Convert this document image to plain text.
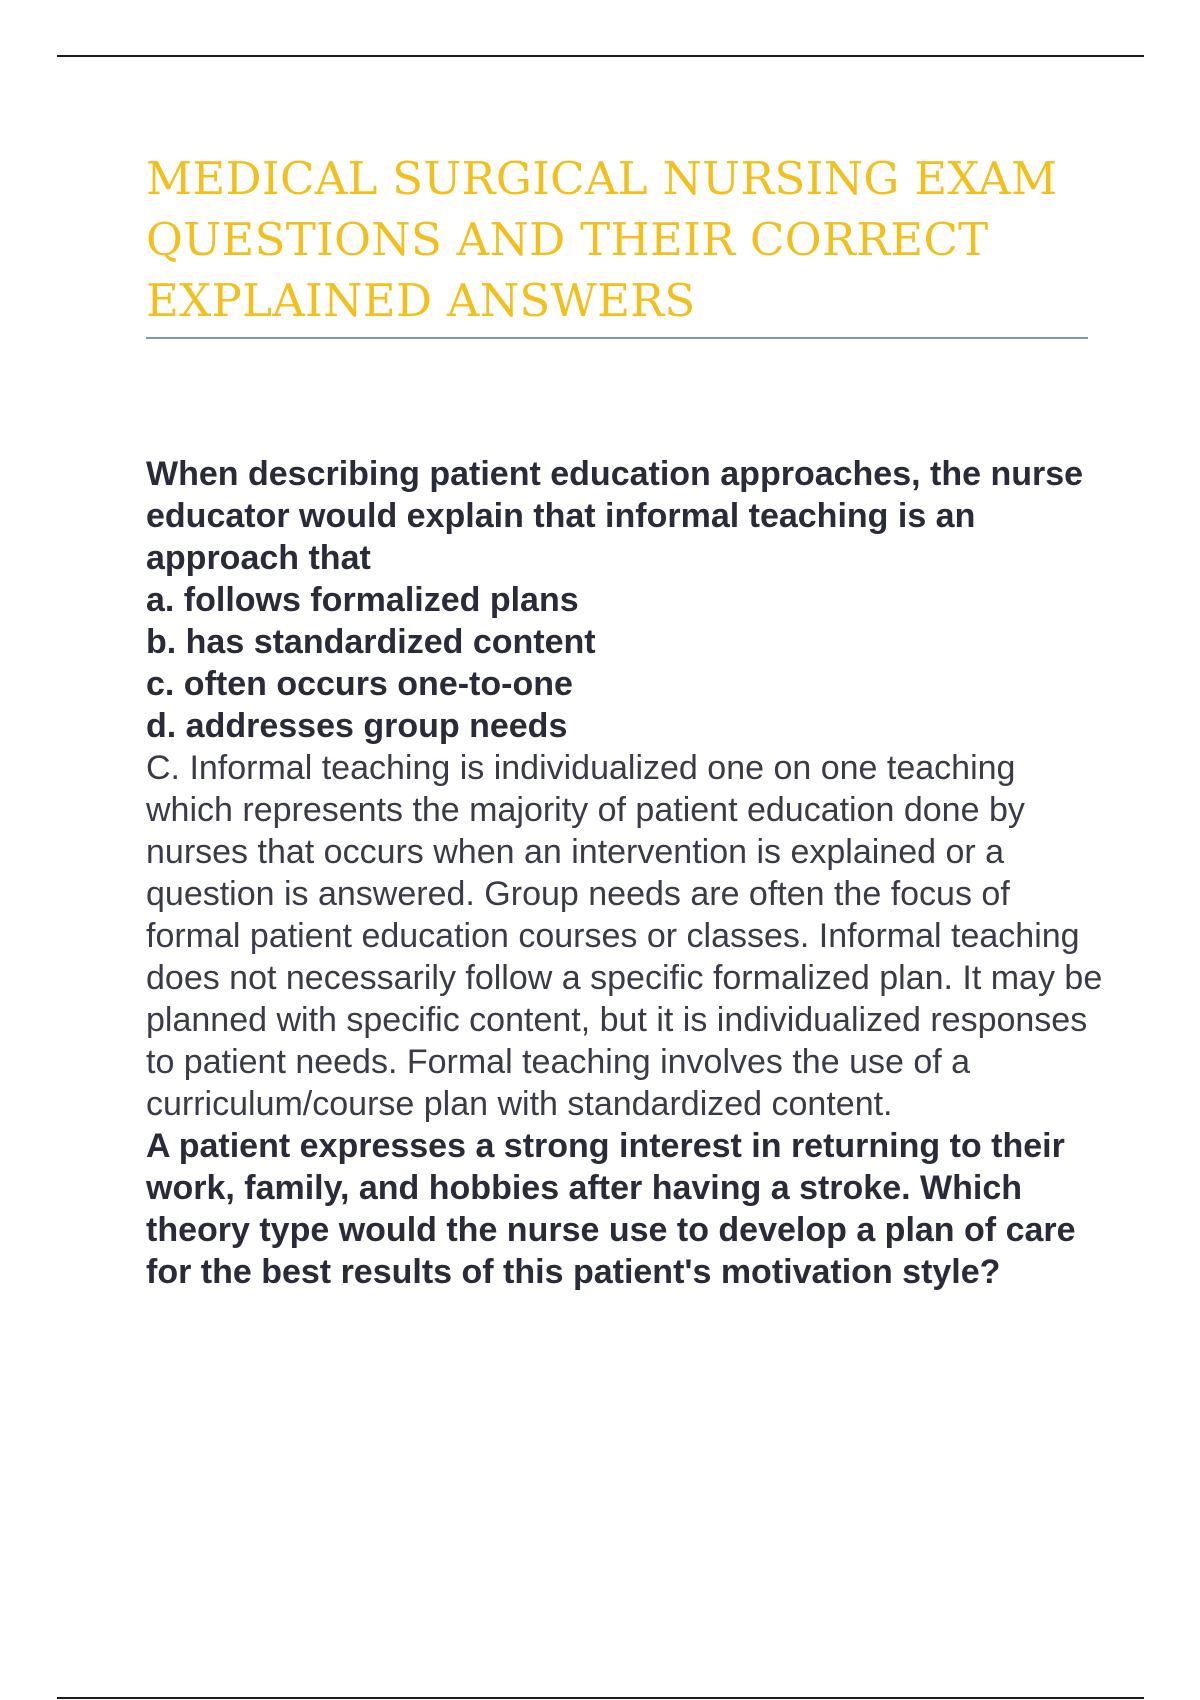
MEDICAL SURGICAL NURSING EXAM QUESTIONS AND THEIR CORRECT EXPLAINED ANSWERS

When describing patient education approaches, the nurse educator would explain that informal teaching is an approach that

a. follows formalized plans
b. has standardized content
c. often occurs one-to-one
d. addresses group needs

C. Informal teaching is individualized one on one teaching which represents the majority of patient education done by nurses that occurs when an intervention is explained or a question is answered. Group needs are often the focus of formal patient education courses or classes. Informal teaching does not necessarily follow a specific formalized plan. It may be planned with specific content, but it is individualized responses to patient needs. Formal teaching involves the use of a curriculum/course plan with standardized content.

A patient expresses a strong interest in returning to their work, family, and hobbies after having a stroke. Which theory type would the nurse use to develop a plan of care for the best results of this patient's motivation style?
